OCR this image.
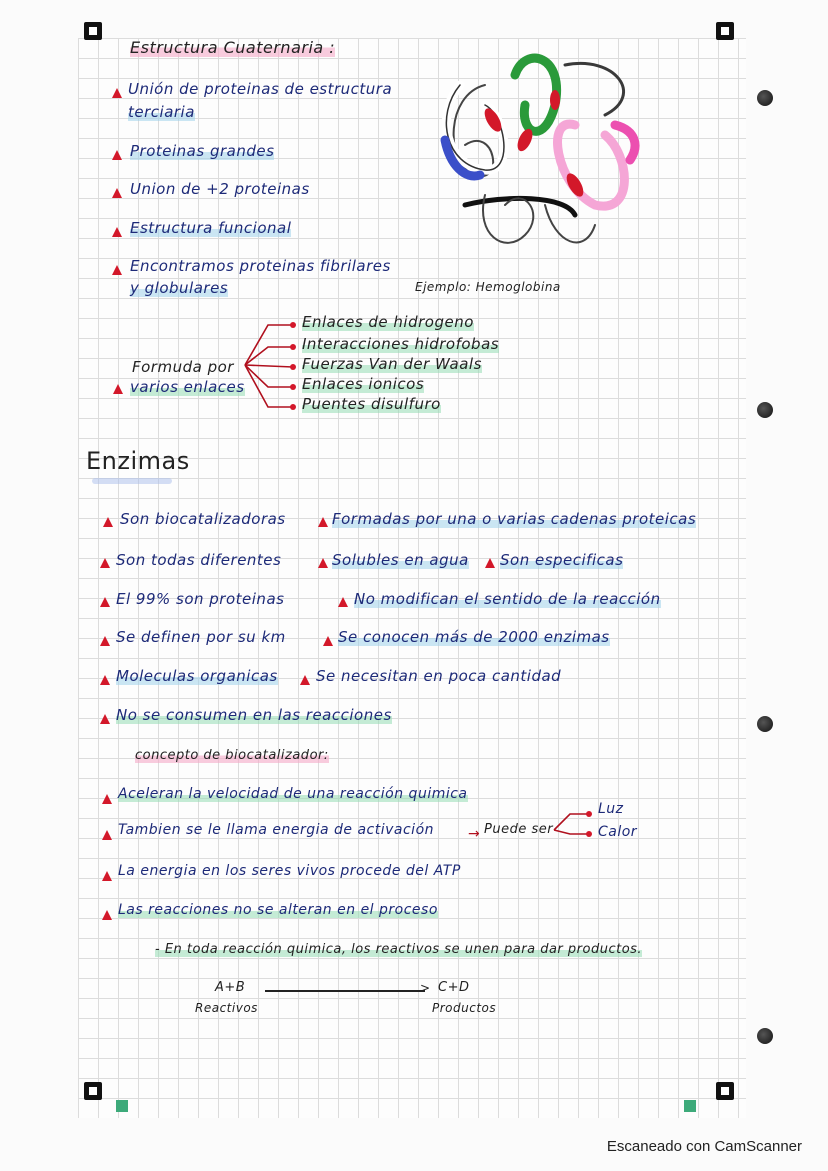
Estructura Cuaternaria :
Unión de proteinas de estructura
terciaria
Proteinas grandes
Union de +2 proteinas
Estructura funcional
Encontramos proteinas fibrilares
y globulares	Ejemplo: Hemoglobina
Formuda por
varios enlaces
Enlaces de hidrogeno
Interacciones hidrofobas
Fuerzas Van der Waals
Enlaces ionicos
Puentes disulfuro
Enzimas
Son biocatalizadoras	Formadas por una o varias cadenas proteicas
Son todas diferentes	Solubles en agua Son especificas
El 99% son proteinas	No modifican el sentido de la reacción
Se definen por su km	Se conocen más de 2000 enzimas
Moleculas organicas	Se necesitan en poca cantidad
No se consumen en las reacciones
concepto de biocatalizador:
Aceleran la velocidad de una reacción quimica
Tambien se le llama energia de activación → Puede ser
Luz
Calor
La energia en los seres vivos procede del ATP
Las reacciones no se alteran en el proceso
- En toda reacción quimica, los reactivos se unen para dar productos.
A+B	> C+D
Reactivos	Productos
Escaneado con CamScanner
